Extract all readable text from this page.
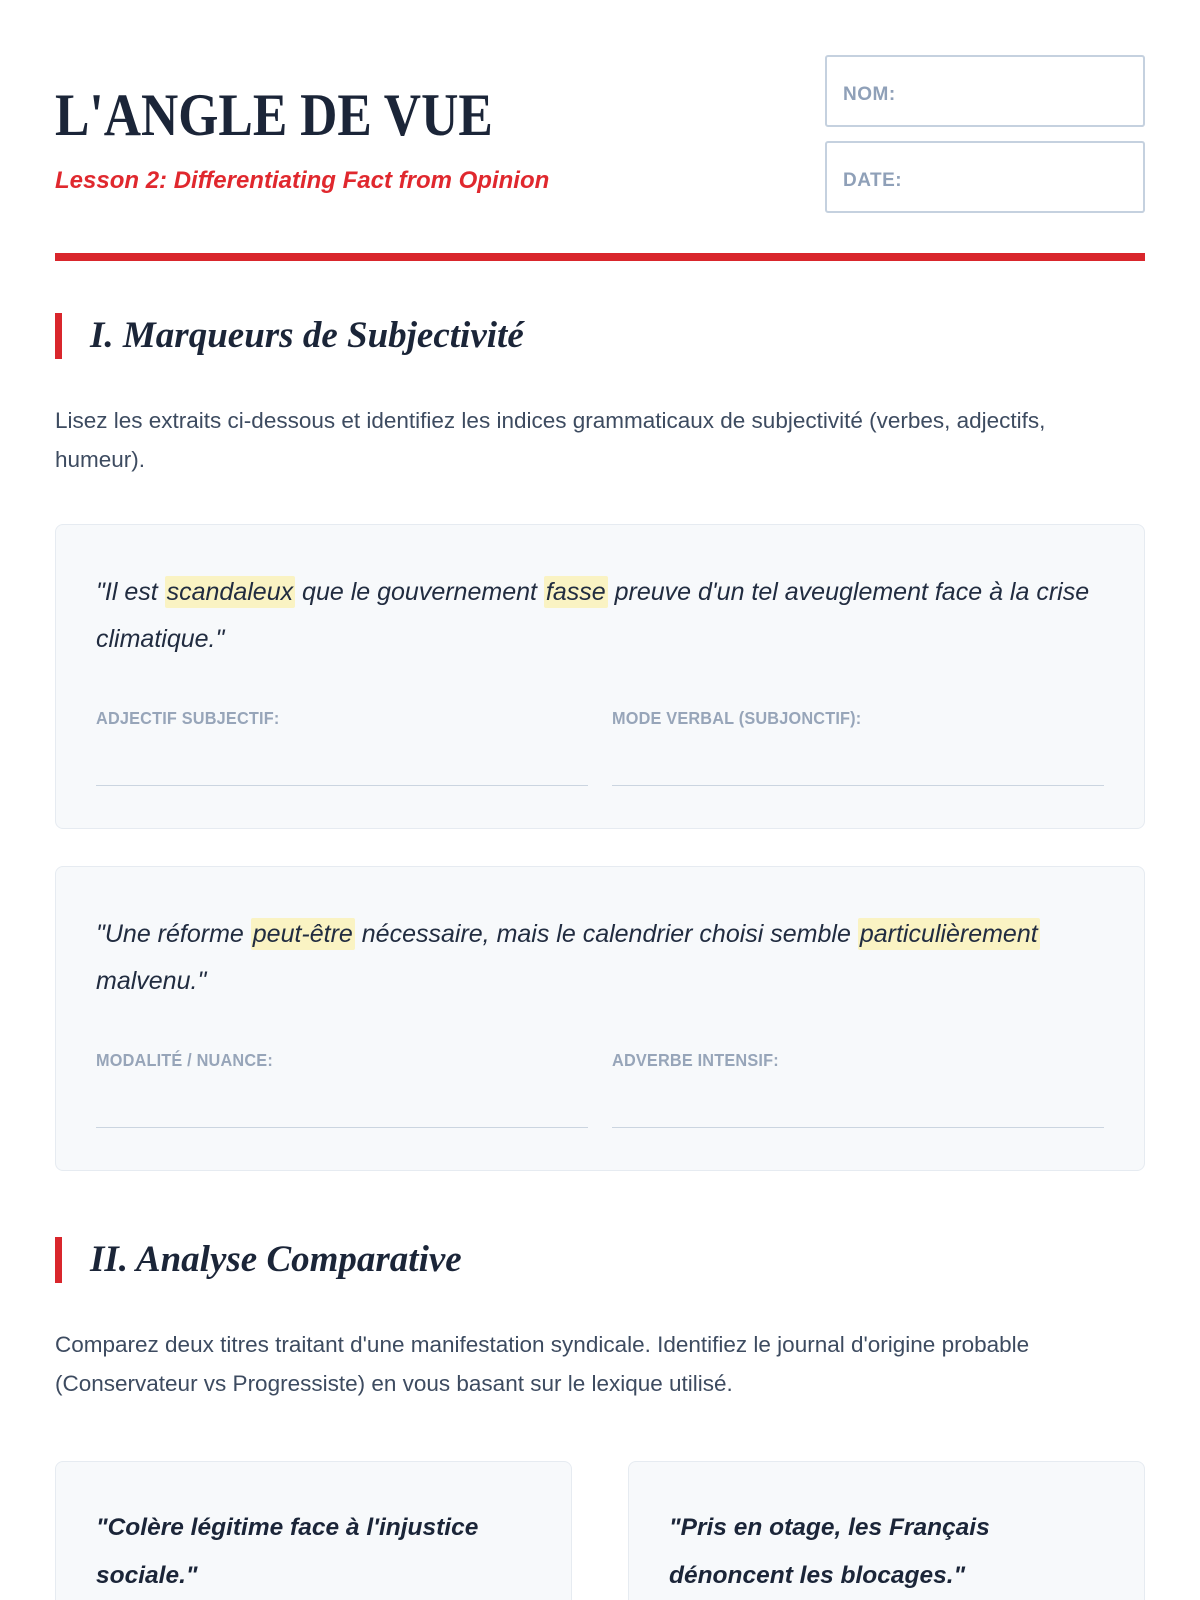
L'ANGLE DE VUE
Lesson 2: Differentiating Fact from Opinion
NOM:
DATE:
I. Marqueurs de Subjectivité

Lisez les extraits ci-dessous et identifiez les indices grammaticaux de subjectivité (verbes, adjectifs, humeur).

"Il est scandaleux que le gouvernement fasse preuve d'un tel aveuglement face à la crise climatique."

ADJECTIF SUBJECTIF:	MODE VERBAL (SUBJONCTIF):

"Une réforme peut-être nécessaire, mais le calendrier choisi semble particulièrement malvenu."

MODALITÉ / NUANCE:	ADVERBE INTENSIF:
II. Analyse Comparative

Comparez deux titres traitant d'une manifestation syndicale. Identifiez le journal d'origine probable (Conservateur vs Progressiste) en vous basant sur le lexique utilisé.

"Colère légitime face à l'injustice sociale."

"Pris en otage, les Français dénoncent les blocages."
